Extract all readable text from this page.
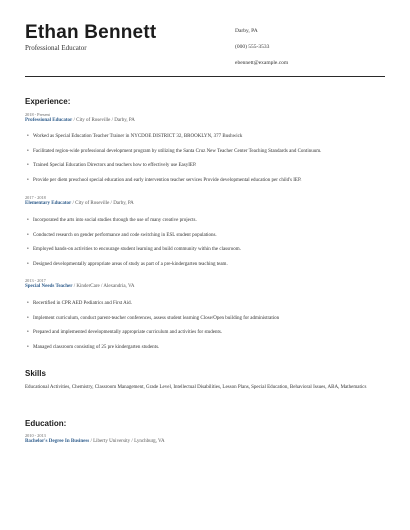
Ethan Bennett
Professional Educator
Darby, PA
(000) 555-3533
ebennett@example.com
Experience:
2018 - Present
Professional Educator / City of Roseville / Darby, PA
• Worked as Special Education Teacher Trainer in NYCDOE DISTRICT 32, BROOKLYN, 377 Bushwick
• Facilitated region-wide professional development program by utilizing the Santa Cruz New Teacher Center Teaching Standards and Continuum.
• Trained Special Education Directors and teachers how to effectively use EasyIEP.
• Provide per diem preschool special education and early intervention teacher services Provide developmental education per child's IEP.
2017 - 2018
Elementary Educator / City of Roseville / Darby, PA
• Incorporated the arts into social studies through the use of many creative projects.
• Conducted research on gender performance and code switching in ESL student populations.
• Employed hands-on activities to encourage student learning and build community within the classroom.
• Designed developmentally appropriate areas of study as part of a pre-kindergarten teaching team.
2013 - 2017
Special Needs Teacher / KinderCare / Alexandria, VA
• Recertified in CPR AED Pediatrics and First Aid.
• Implement curriculum, conduct parent-teacher conferences, assess student learning Close/Open building for administration
• Prepared and implemented developmentally appropriate curriculum and activities for students.
• Managed classroom consisting of 25 pre kindergarten students.
Skills
Educational Activities, Chemistry, Classroom Management, Grade Level, Intellectual Disabilities, Lesson Plans, Special Education, Behavioral Issues, ABA, Mathematics
Education:
2010 - 2013
Bachelor's Degree In Business / Liberty University / Lynchburg, VA
